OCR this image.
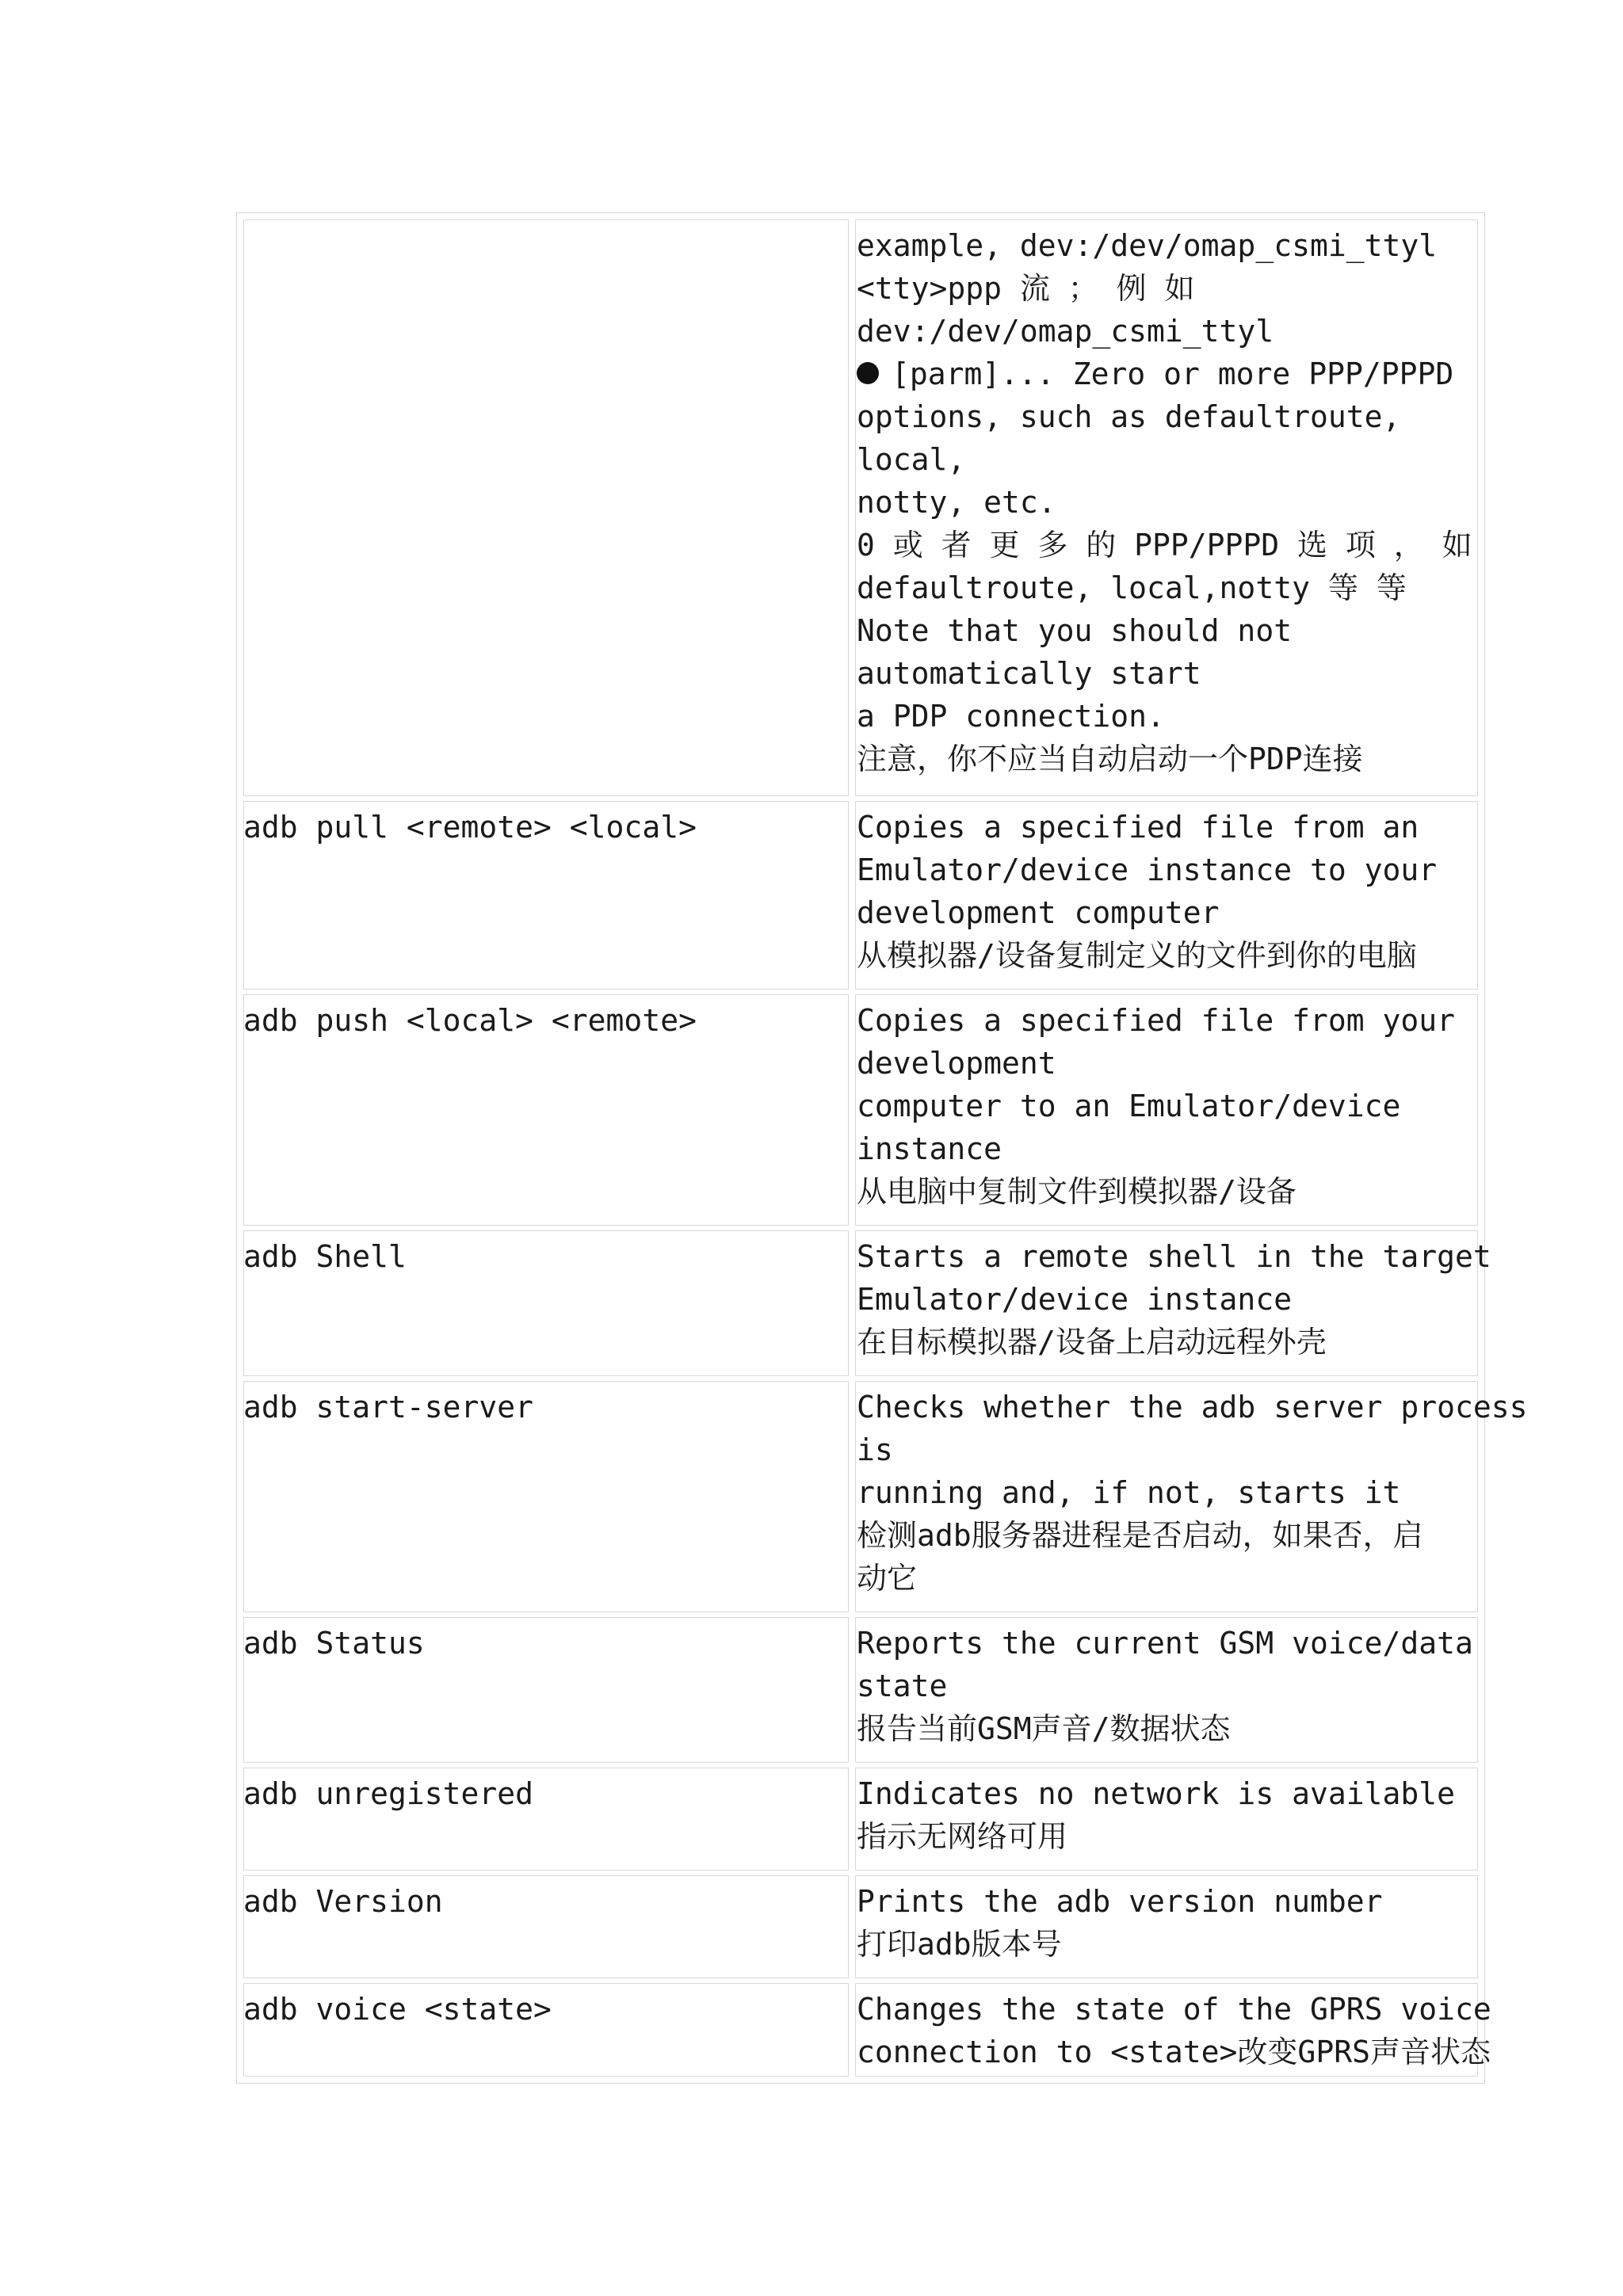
example, dev:/dev/omap_csmi_ttyl
<tty>ppp 流 ； 例 如
dev:/dev/omap_csmi_ttyl
[parm]... Zero or more PPP/PPPD
options, such as defaultroute,
local,
notty, etc.
0 或 者 更 多 的 PPP/PPPD 选 项 ， 如
defaultroute, local,notty 等 等
Note that you should not
automatically start
a PDP connection.
注意，你不应当自动启动一个PDP连接
adb pull <remote> <local>	Copies a specified file from an
Emulator/device instance to your
development computer
从模拟器/设备复制定义的文件到你的电脑
adb push <local> <remote>	Copies a specified file from your
development
computer to an Emulator/device
instance
从电脑中复制文件到模拟器/设备
adb Shell	Starts a remote shell in the target
Emulator/device instance
在目标模拟器/设备上启动远程外壳
adb start-server	Checks whether the adb server process
is
running and, if not, starts it
检测adb服务器进程是否启动，如果否，启
动它
adb Status	Reports the current GSM voice/data
state
报告当前GSM声音/数据状态
adb unregistered	Indicates no network is available
指示无网络可用
adb Version	Prints the adb version number
打印adb版本号
adb voice <state>	Changes the state of the GPRS voice
connection to <state>改变GPRS声音状态
